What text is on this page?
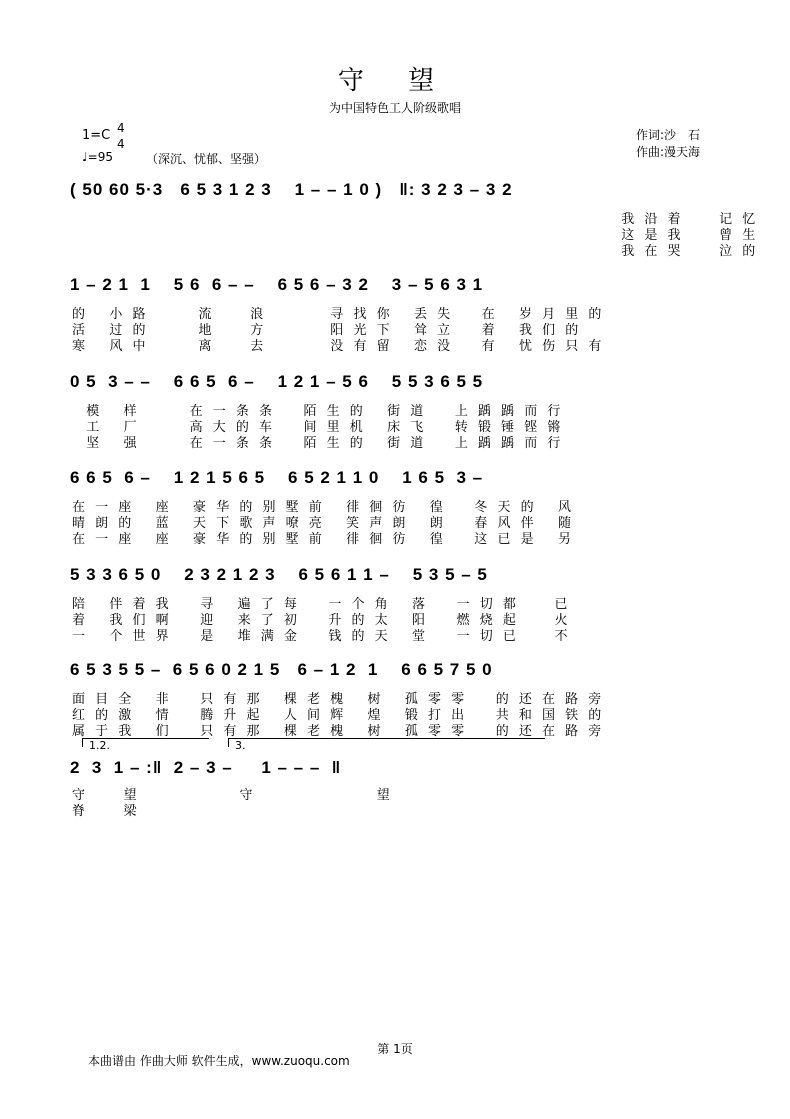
守 望
为中国特色工人阶级歌唱
1=C 4
4
♩=95	（深沉、忧郁、坚强）
作词:沙　石
作曲:漫天海
( 50 60 5·3   6 5 3 1 2 3    1 – – 1 0 )   ‖: 3 2 3 – 3 2
我 沿 着     记 忆
这 是 我     曾 生
我 在 哭     泣 的
1 – 2 1  1    5 6  6 – –    6 5 6 – 3 2    3 – 5 6 3 1
的   小 路       流     浪         寻 找 你   丢 失    在   岁 月 里 的
活   过 的       地     方         阳 光 下   耸 立    着   我 们 的
寒   风 中       离     去         没 有 留   恋 没    有   忧 伤 只 有
0 5  3 – –    6 6 5  6 –    1 2 1 – 5 6    5 5 3 6 5 5
模   样       在 一 条 条    陌 生 的   街 道    上 踽 踽 而 行
工   厂       高 大 的 车    间 里 机   床 飞    转 锻 锤 铿 锵
坚   强       在 一 条 条    陌 生 的   街 道    上 踽 踽 而 行
6 6 5  6 –    1 2 1 5 6 5    6 5 2 1 1 0    1 6 5  3 –
在 一 座   座   豪 华 的 别 墅 前   徘 徊 彷   徨    冬 天 的   风
晴 朗 的   蓝   天 下 歌 声 嘹 亮   笑 声 朗   朗    春 风 伴   随
在 一 座   座   豪 华 的 别 墅 前   徘 徊 彷   徨    这 已 是   另
5 3 3 6 5 0    2 3 2 1 2 3    6 5 6 1 1 –    5 3 5 – 5
陪   伴 着 我    寻   遍 了 每    一 个 角   落    一 切 都     已
着   我 们 啊    迎   来 了 初    升 的 太   阳    燃 烧 起     火
一   个 世 界    是   堆 满 金    钱 的 天   堂    一 切 已     不
6 5 3 5 5 –  6 5 6 0 2 1 5   6 – 1 2  1    6 6 5 7 5 0
面 目 全   非    只 有 那   棵 老 槐   树   孤 零 零    的 还 在 路 旁
红 的 激   情    腾 升 起   人 间 辉   煌   锻 打 出    共 和 国 铁 的
属 于 我   们    只 有 那   棵 老 槐   树   孤 零 零    的 还 在 路 旁
1.2.	3.
2  3  1 – :‖  2 – 3 –     1 – – –  ‖
守     望              守                 望
脊     梁
第 1页
本曲谱由 作曲大师 软件生成，www.zuoqu.com
